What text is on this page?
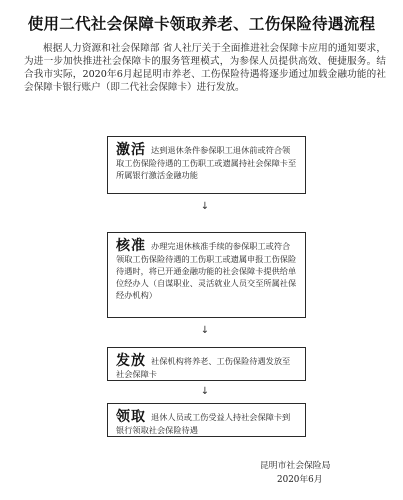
使用二代社会保障卡领取养老、工伤保险待遇流程
根据人力资源和社会保障部 省人社厅关于全面推进社会保障卡应用的通知要求，为进一步加快推进社会保障卡的服务管理模式，为参保人员提供高效、便捷服务。结合我市实际，2020年6月起昆明市养老、工伤保险待遇将逐步通过加载金融功能的社会保障卡银行账户（即二代社会保障卡）进行发放。
激活 达到退休条件参保职工退休前或符合领取工伤保险待遇的工伤职工或遗属持社会保障卡至所属银行激活金融功能
↓
核准 办理完退休核准手续的参保职工或符合领取工伤保险待遇的工伤职工或遗属申报工伤保险待遇时，将已开通金融功能的社会保障卡提供给单位经办人（自谋职业、灵活就业人员交至所属社保经办机构）
↓
发放 社保机构将养老、工伤保险待遇发放至社会保障卡
↓
领取 退休人员或工伤受益人持社会保障卡到银行领取社会保险待遇
昆明市社会保险局
2020年6月
